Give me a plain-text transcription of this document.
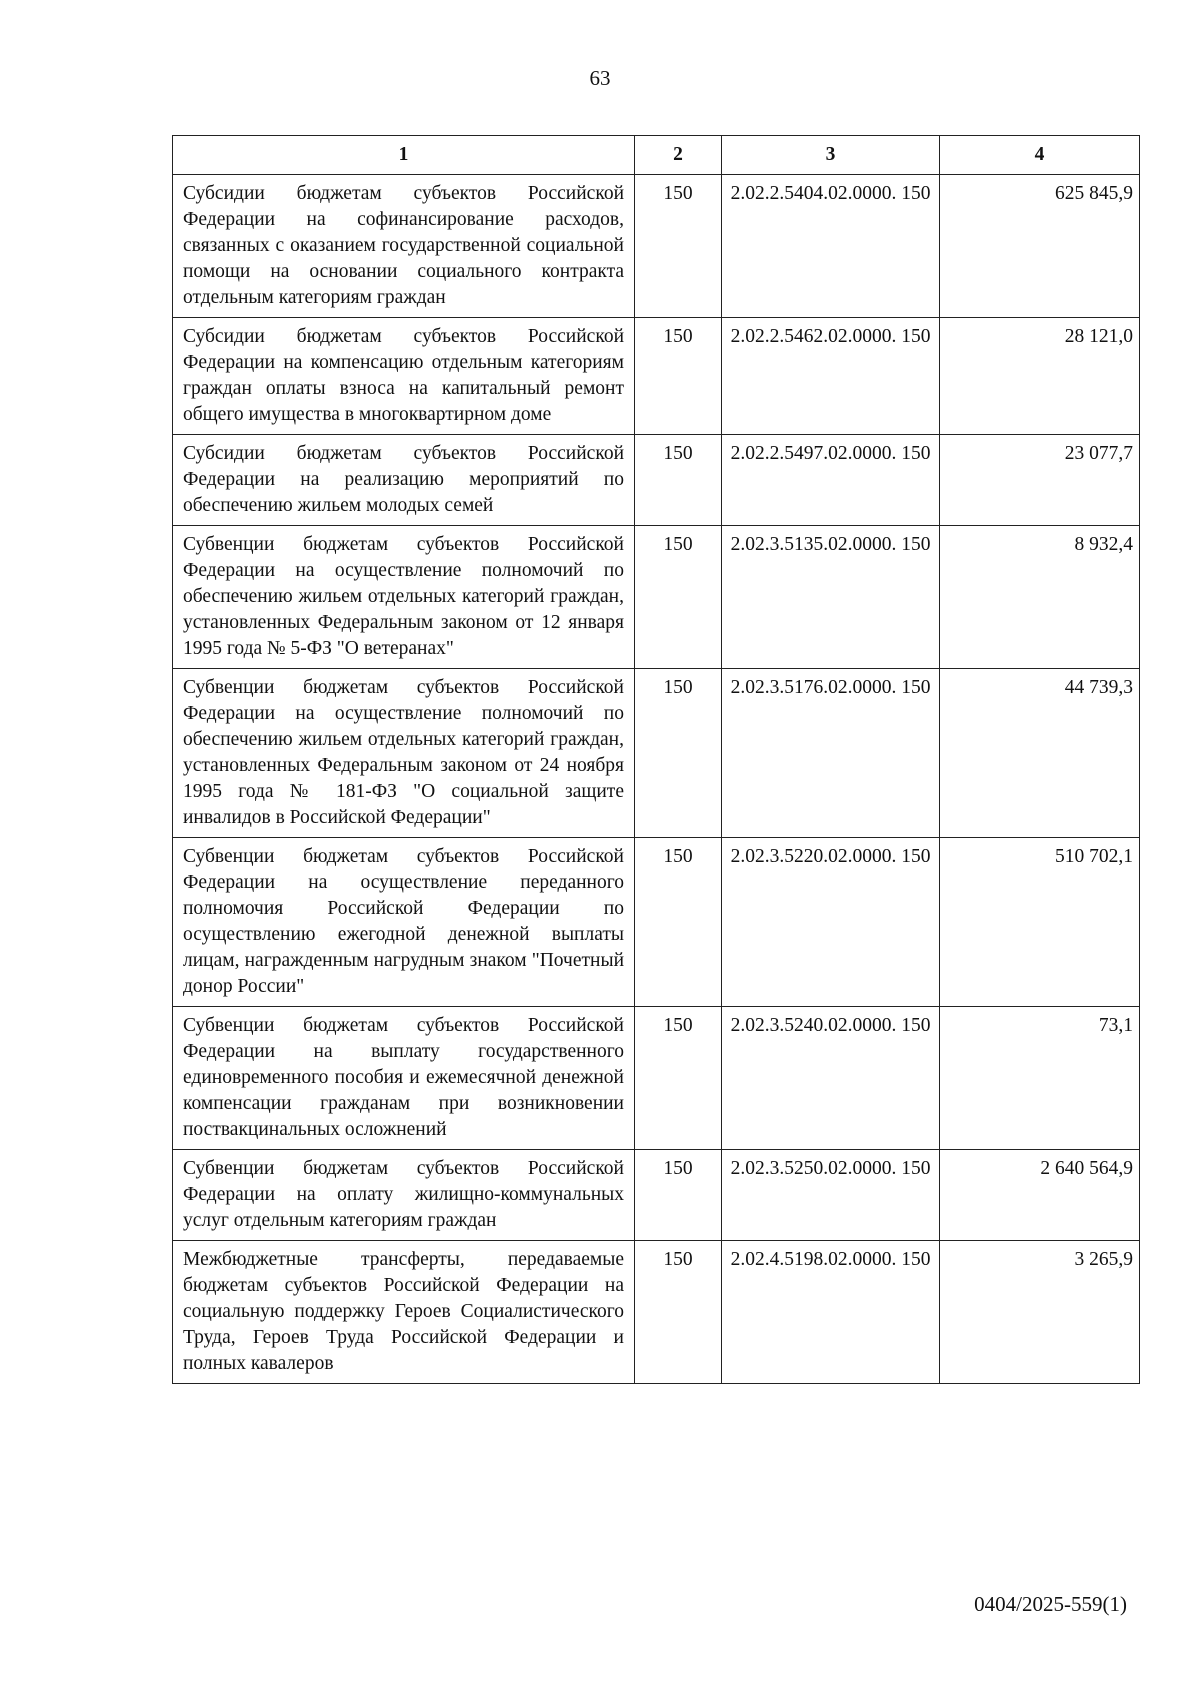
63
1	2	3	4
Субсидии бюджетам субъектов Российской Федерации на софинансирование расходов, связанных с оказанием государственной социальной помощи на основании социального контракта отдельным категориям граждан	150	2.02.2.5404.02.0000. 150	625 845,9
Субсидии бюджетам субъектов Российской Федерации на компенсацию отдельным категориям граждан оплаты взноса на капитальный ремонт общего имущества в многоквартирном доме	150	2.02.2.5462.02.0000. 150	28 121,0
Субсидии бюджетам субъектов Российской Федерации на реализацию мероприятий по обеспечению жильем молодых семей	150	2.02.2.5497.02.0000. 150	23 077,7
Субвенции бюджетам субъектов Российской Федерации на осуществление полномочий по обеспечению жильем отдельных категорий граждан, установленных Федеральным законом от 12 января 1995 года № 5-ФЗ "О ветеранах"	150	2.02.3.5135.02.0000. 150	8 932,4
Субвенции бюджетам субъектов Российской Федерации на осуществление полномочий по обеспечению жильем отдельных категорий граждан, установленных Федеральным законом от 24 ноября 1995 года № 181-ФЗ "О социальной защите инвалидов в Российской Федерации"	150	2.02.3.5176.02.0000. 150	44 739,3
Субвенции бюджетам субъектов Российской Федерации на осуществление переданного полномочия Российской Федерации по осуществлению ежегодной денежной выплаты лицам, награжденным нагрудным знаком "Почетный донор России"	150	2.02.3.5220.02.0000. 150	510 702,1
Субвенции бюджетам субъектов Российской Федерации на выплату государственного единовременного пособия и ежемесячной денежной компенсации гражданам при возникновении поствакцинальных осложнений	150	2.02.3.5240.02.0000. 150	73,1
Субвенции бюджетам субъектов Российской Федерации на оплату жилищно-коммунальных услуг отдельным категориям граждан	150	2.02.3.5250.02.0000. 150	2 640 564,9
Межбюджетные трансферты, передаваемые бюджетам субъектов Российской Федерации на социальную поддержку Героев Социалистического Труда, Героев Труда Российской Федерации и полных кавалеров	150	2.02.4.5198.02.0000. 150	3 265,9
0404/2025-559(1)
